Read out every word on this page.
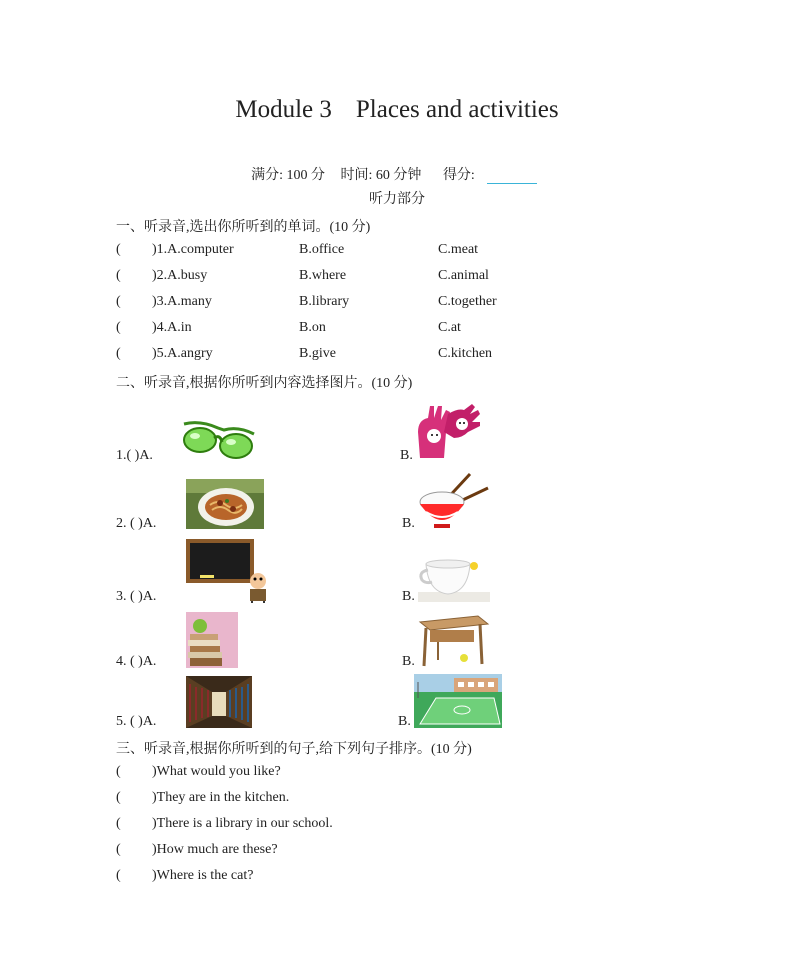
Module 3 Places and activities
满分: 100 分 时间: 60 分钟 得分:
听力部分
一、听录音,选出你所听到的单词。(10 分)
(	)1.A.computer	B.office	C.meat
(	)2.A.busy	B.where	C.animal
(	)3.A.many	B.library	C.together
(	)4.A.in	B.on	C.at
(	)5.A.angry	B.give	C.kitchen
二、听录音,根据你所听到内容选择图片。(10 分)
1.( )A.	B.
2. ( )A.	B.
3. ( )A.	B.
4. ( )A.	B.
5. ( )A.	B.
三、听录音,根据你所听到的句子,给下列句子排序。(10 分)
(	)What would you like?
(	)They are in the kitchen.
(	)There is a library in our school.
(	)How much are these?
(	)Where is the cat?
